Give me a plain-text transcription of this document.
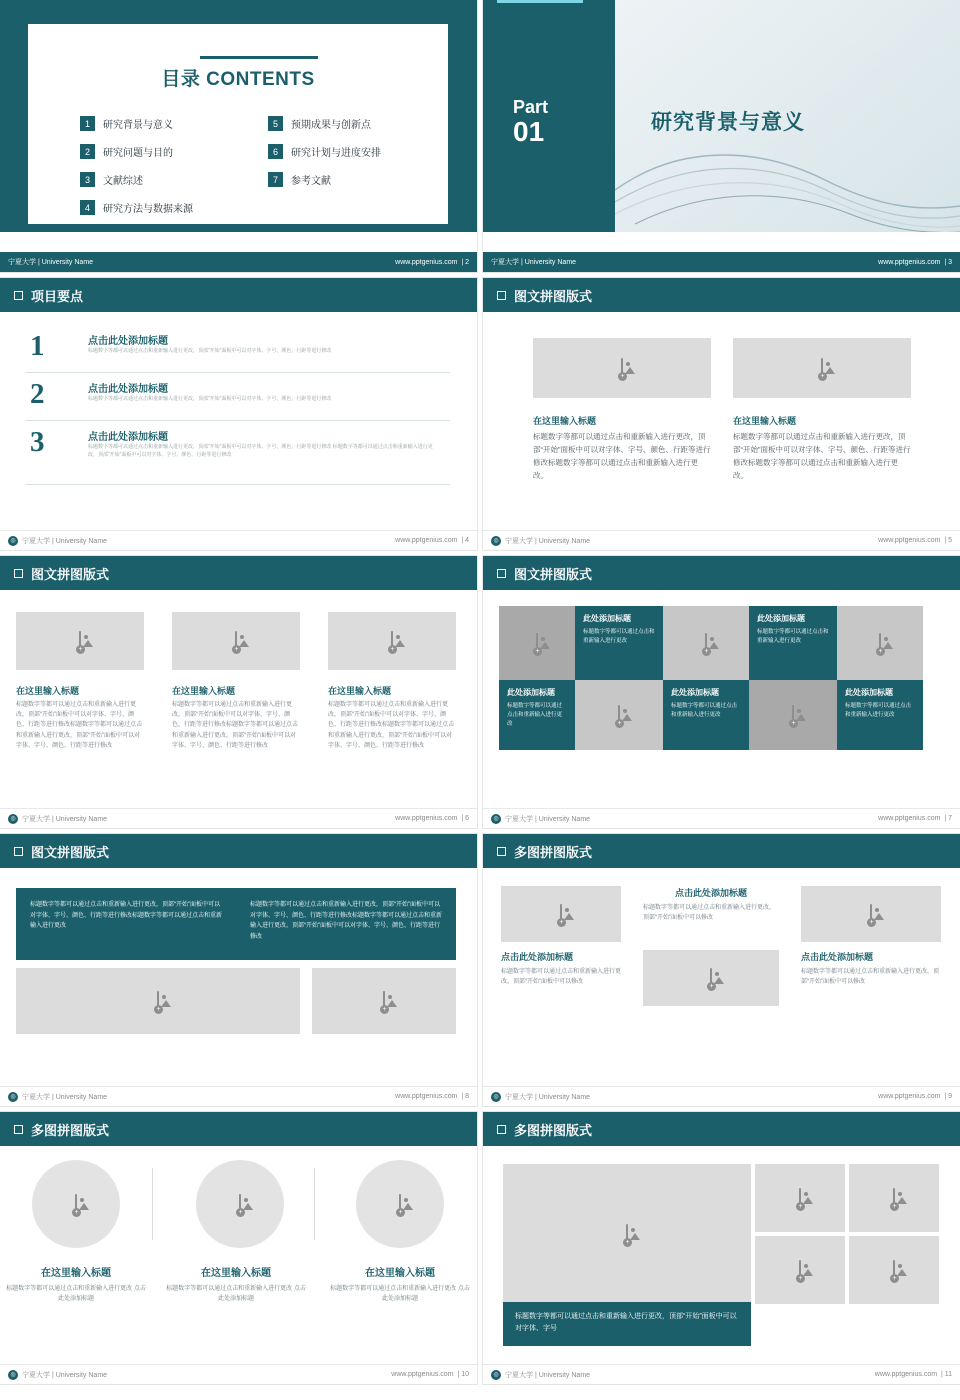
目录 CONTENTS
1	研究背景与意义
2	研究问题与目的
3	文献综述
4	研究方法与数据来源
5	预期成果与创新点
6	研究计划与进度安排
7	参考文献
宁夏大学 | University Name	www.pptgenius.com  | 2
Part
01	研究背景与意义
宁夏大学 | University Name	www.pptgenius.com  | 3
项目要点
1	点击此处添加标题
标题数字等都可以通过点击和重新输入进行更改，顶部“开始”面板中可以对字体、字号、颜色、行距等进行修改
2	点击此处添加标题
标题数字等都可以通过点击和重新输入进行更改，顶部“开始”面板中可以对字体、字号、颜色、行距等进行修改
3	点击此处添加标题
标题数字等都可以通过点击和重新输入进行更改，顶部“开始”面板中可以对字体、字号、颜色、行距等进行修改 标题数字等都可以通过点击和重新输入进行更改，顶部“开始”面板中可以对字体、字号、颜色、行距等进行修改
◎ 宁夏大学 | University Name	www.pptgenius.com  | 4
图文拼图版式
+	+
在这里输入标题	在这里输入标题
标题数字等都可以通过点击和重新输入进行更改，顶部“开始”面板中可以对字体、字号、颜色、行距等进行修改标题数字等都可以通过点击和重新输入进行更改。
标题数字等都可以通过点击和重新输入进行更改，顶部“开始”面板中可以对字体、字号、颜色、行距等进行修改标题数字等都可以通过点击和重新输入进行更改。
◎ 宁夏大学 | University Name	www.pptgenius.com  | 5
图文拼图版式
+	+	+
在这里输入标题	在这里输入标题	在这里输入标题
标题数字等都可以通过点击和重新输入进行更改，顶部“开始”面板中可以对字体、字号、颜色、行距等进行修改标题数字等都可以通过点击和重新输入进行更改，顶部“开始”面板中可以对字体、字号、颜色、行距等进行修改
标题数字等都可以通过点击和重新输入进行更改，顶部“开始”面板中可以对字体、字号、颜色、行距等进行修改标题数字等都可以通过点击和重新输入进行更改，顶部“开始”面板中可以对字体、字号、颜色、行距等进行修改
标题数字等都可以通过点击和重新输入进行更改，顶部“开始”面板中可以对字体、字号、颜色、行距等进行修改标题数字等都可以通过点击和重新输入进行更改，顶部“开始”面板中可以对字体、字号、颜色、行距等进行修改
◎ 宁夏大学 | University Name	www.pptgenius.com  | 6
图文拼图版式
+
此处添加标题
标题数字等都可以通过点击和重新输入进行更改
+
此处添加标题
标题数字等都可以通过点击和重新输入进行更改
+
此处添加标题
标题数字等都可以通过点击和重新输入进行更改	+
此处添加标题
标题数字等都可以通过点击和重新输入进行更改
+
此处添加标题
标题数字等都可以通过点击和重新输入进行更改
◎ 宁夏大学 | University Name	www.pptgenius.com  | 7
图文拼图版式
标题数字等都可以通过点击和重新输入进行更改，顶部“开始”面板中可以对字体、字号、颜色、行距等进行修改标题数字等都可以通过点击和重新输入进行更改
标题数字等都可以通过点击和重新输入进行更改，顶部“开始”面板中可以对字体、字号、颜色、行距等进行修改标题数字等都可以通过点击和重新输入进行更改，顶部“开始”面板中可以对字体、字号、颜色、行距等进行修改
+	+
◎ 宁夏大学 | University Name	www.pptgenius.com  | 8
多图拼图版式
+
点击此处添加标题
标题数字等都可以通过点击和重新输入进行更改，顶部“开始”面板中可以修改
点击此处添加标题
标题数字等都可以通过点击和重新输入进行更改，顶部“开始”面板中可以修改
+
+
点击此处添加标题
标题数字等都可以通过点击和重新输入进行更改，顶部“开始”面板中可以修改
◎ 宁夏大学 | University Name	www.pptgenius.com  | 9
多图拼图版式
+	+	+
在这里输入标题	在这里输入标题	在这里输入标题
标题数字等都可以通过点击和重新输入进行更改 点击此处添加标题
标题数字等都可以通过点击和重新输入进行更改 点击此处添加标题
标题数字等都可以通过点击和重新输入进行更改 点击此处添加标题
◎ 宁夏大学 | University Name	www.pptgenius.com  | 10
多图拼图版式
+
+	+
+	+
标题数字等都可以通过点击和重新输入进行更改，顶部“开始”面板中可以对字体、字号
◎ 宁夏大学 | University Name	www.pptgenius.com  | 11
